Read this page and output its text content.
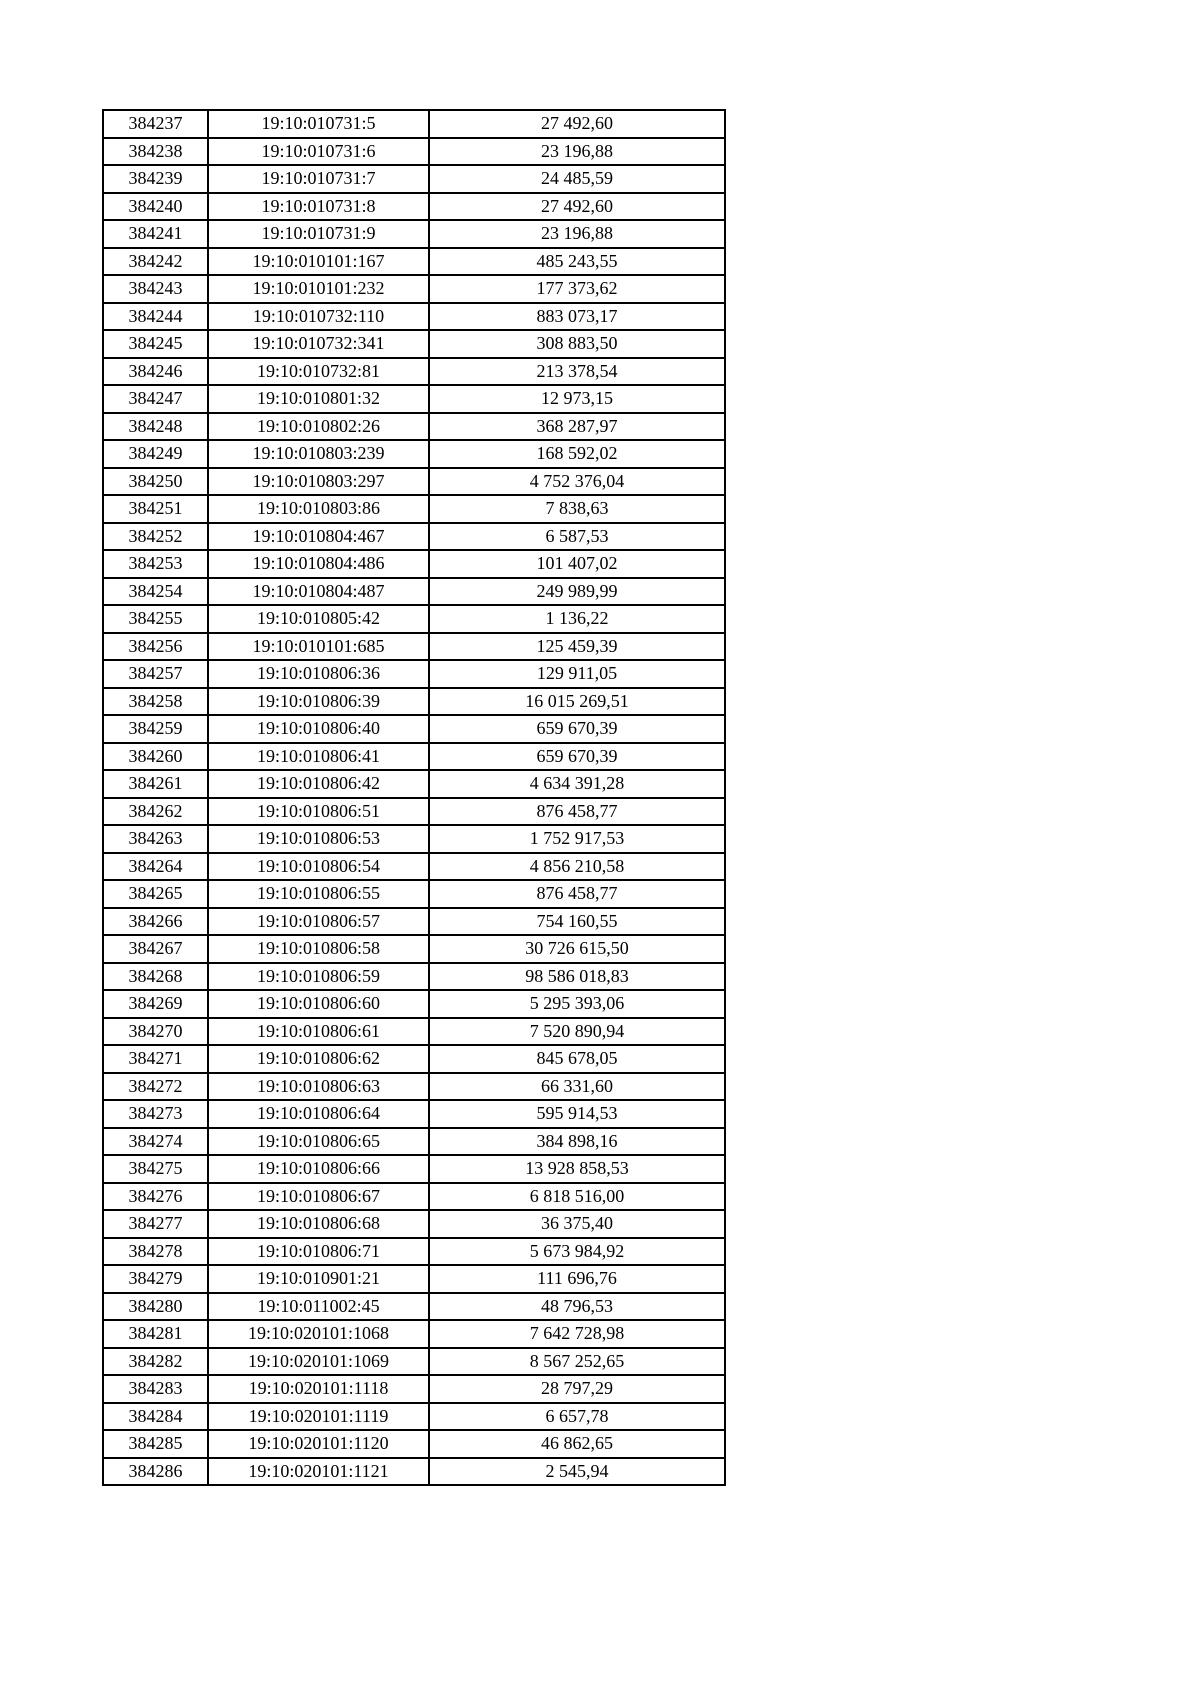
384237	19:10:010731:5	27 492,60
384238	19:10:010731:6	23 196,88
384239	19:10:010731:7	24 485,59
384240	19:10:010731:8	27 492,60
384241	19:10:010731:9	23 196,88
384242	19:10:010101:167	485 243,55
384243	19:10:010101:232	177 373,62
384244	19:10:010732:110	883 073,17
384245	19:10:010732:341	308 883,50
384246	19:10:010732:81	213 378,54
384247	19:10:010801:32	12 973,15
384248	19:10:010802:26	368 287,97
384249	19:10:010803:239	168 592,02
384250	19:10:010803:297	4 752 376,04
384251	19:10:010803:86	7 838,63
384252	19:10:010804:467	6 587,53
384253	19:10:010804:486	101 407,02
384254	19:10:010804:487	249 989,99
384255	19:10:010805:42	1 136,22
384256	19:10:010101:685	125 459,39
384257	19:10:010806:36	129 911,05
384258	19:10:010806:39	16 015 269,51
384259	19:10:010806:40	659 670,39
384260	19:10:010806:41	659 670,39
384261	19:10:010806:42	4 634 391,28
384262	19:10:010806:51	876 458,77
384263	19:10:010806:53	1 752 917,53
384264	19:10:010806:54	4 856 210,58
384265	19:10:010806:55	876 458,77
384266	19:10:010806:57	754 160,55
384267	19:10:010806:58	30 726 615,50
384268	19:10:010806:59	98 586 018,83
384269	19:10:010806:60	5 295 393,06
384270	19:10:010806:61	7 520 890,94
384271	19:10:010806:62	845 678,05
384272	19:10:010806:63	66 331,60
384273	19:10:010806:64	595 914,53
384274	19:10:010806:65	384 898,16
384275	19:10:010806:66	13 928 858,53
384276	19:10:010806:67	6 818 516,00
384277	19:10:010806:68	36 375,40
384278	19:10:010806:71	5 673 984,92
384279	19:10:010901:21	111 696,76
384280	19:10:011002:45	48 796,53
384281	19:10:020101:1068	7 642 728,98
384282	19:10:020101:1069	8 567 252,65
384283	19:10:020101:1118	28 797,29
384284	19:10:020101:1119	6 657,78
384285	19:10:020101:1120	46 862,65
384286	19:10:020101:1121	2 545,94
